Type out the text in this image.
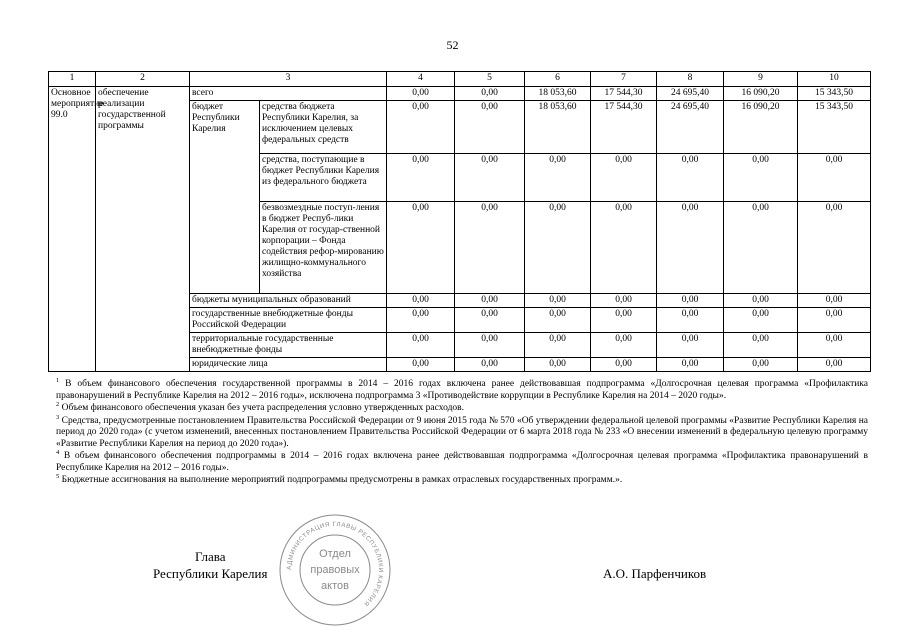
52
1	2	3		4	5	6	7	8	9	10
Основное мероприятие 99.0	обеспечение реализации государственной программы	всего		0,00	0,00	18 053,60	17 544,30	24 695,40	16 090,20	15 343,50
		бюджет Республики Карелия	средства бюджета Республики Карелия, за исключением целевых федеральных средств	0,00	0,00	18 053,60	17 544,30	24 695,40	16 090,20	15 343,50
			средства, поступающие в бюджет Республики Карелия из федерального бюджета	0,00	0,00	0,00	0,00	0,00	0,00	0,00
			безвозмездные поступ-ления в бюджет Респуб-лики Карелия от государ-ственной корпорации – Фонда содействия рефор-мированию жилищно-коммунального хозяйства	0,00	0,00	0,00	0,00	0,00	0,00	0,00
		бюджеты муниципальных образований		0,00	0,00	0,00	0,00	0,00	0,00	0,00
		государственные внебюджетные фонды Российской Федерации		0,00	0,00	0,00	0,00	0,00	0,00	0,00
		территориальные государственные внебюджетные фонды		0,00	0,00	0,00	0,00	0,00	0,00	0,00
		юридические лица		0,00	0,00	0,00	0,00	0,00	0,00	0,00

$^1$ В объем финансового обеспечения государственной программы в 2014 – 2016 годах включена ранее действовавшая подпрограмма «Долгосрочная целевая программа «Профилактика правонарушений в Республике Карелия на 2012 – 2016 годы», исключена подпрограмма 3 «Противодействие коррупции в Республике Карелия на 2014 – 2020 годы».

$^2$ Объем финансового обеспечения указан без учета распределения условно утвержденных расходов.

$^3$ Средства, предусмотренные постановлением Правительства Российской Федерации от 9 июня 2015 года № 570 «Об утверждении федеральной целевой программы «Развитие Республики Карелия на период до 2020 года» (с учетом изменений, внесенных постановлением Правительства Российской Федерации от 6 марта 2018 года № 233 «О внесении изменений в федеральную целевую программу «Развитие Республики Карелия на период до 2020 года»).

$^4$ В объем финансового обеспечения подпрограммы в 2014 – 2016 годах включена ранее действовавшая подпрограмма «Долгосрочная целевая программа «Профилактика правонарушений в Республике Карелия на 2012 – 2016 годы».

$^5$ Бюджетные ассигнования на выполнение мероприятий подпрограммы предусмотрены в рамках отраслевых государственных программ.».

Глава
Республики Карелия	А.О. Парфенчиков
АДМИНИСТРАЦИЯ ГЛАВЫ РЕСПУБЛИКИ КАРЕЛИЯ
Отдел
правовых
актов
